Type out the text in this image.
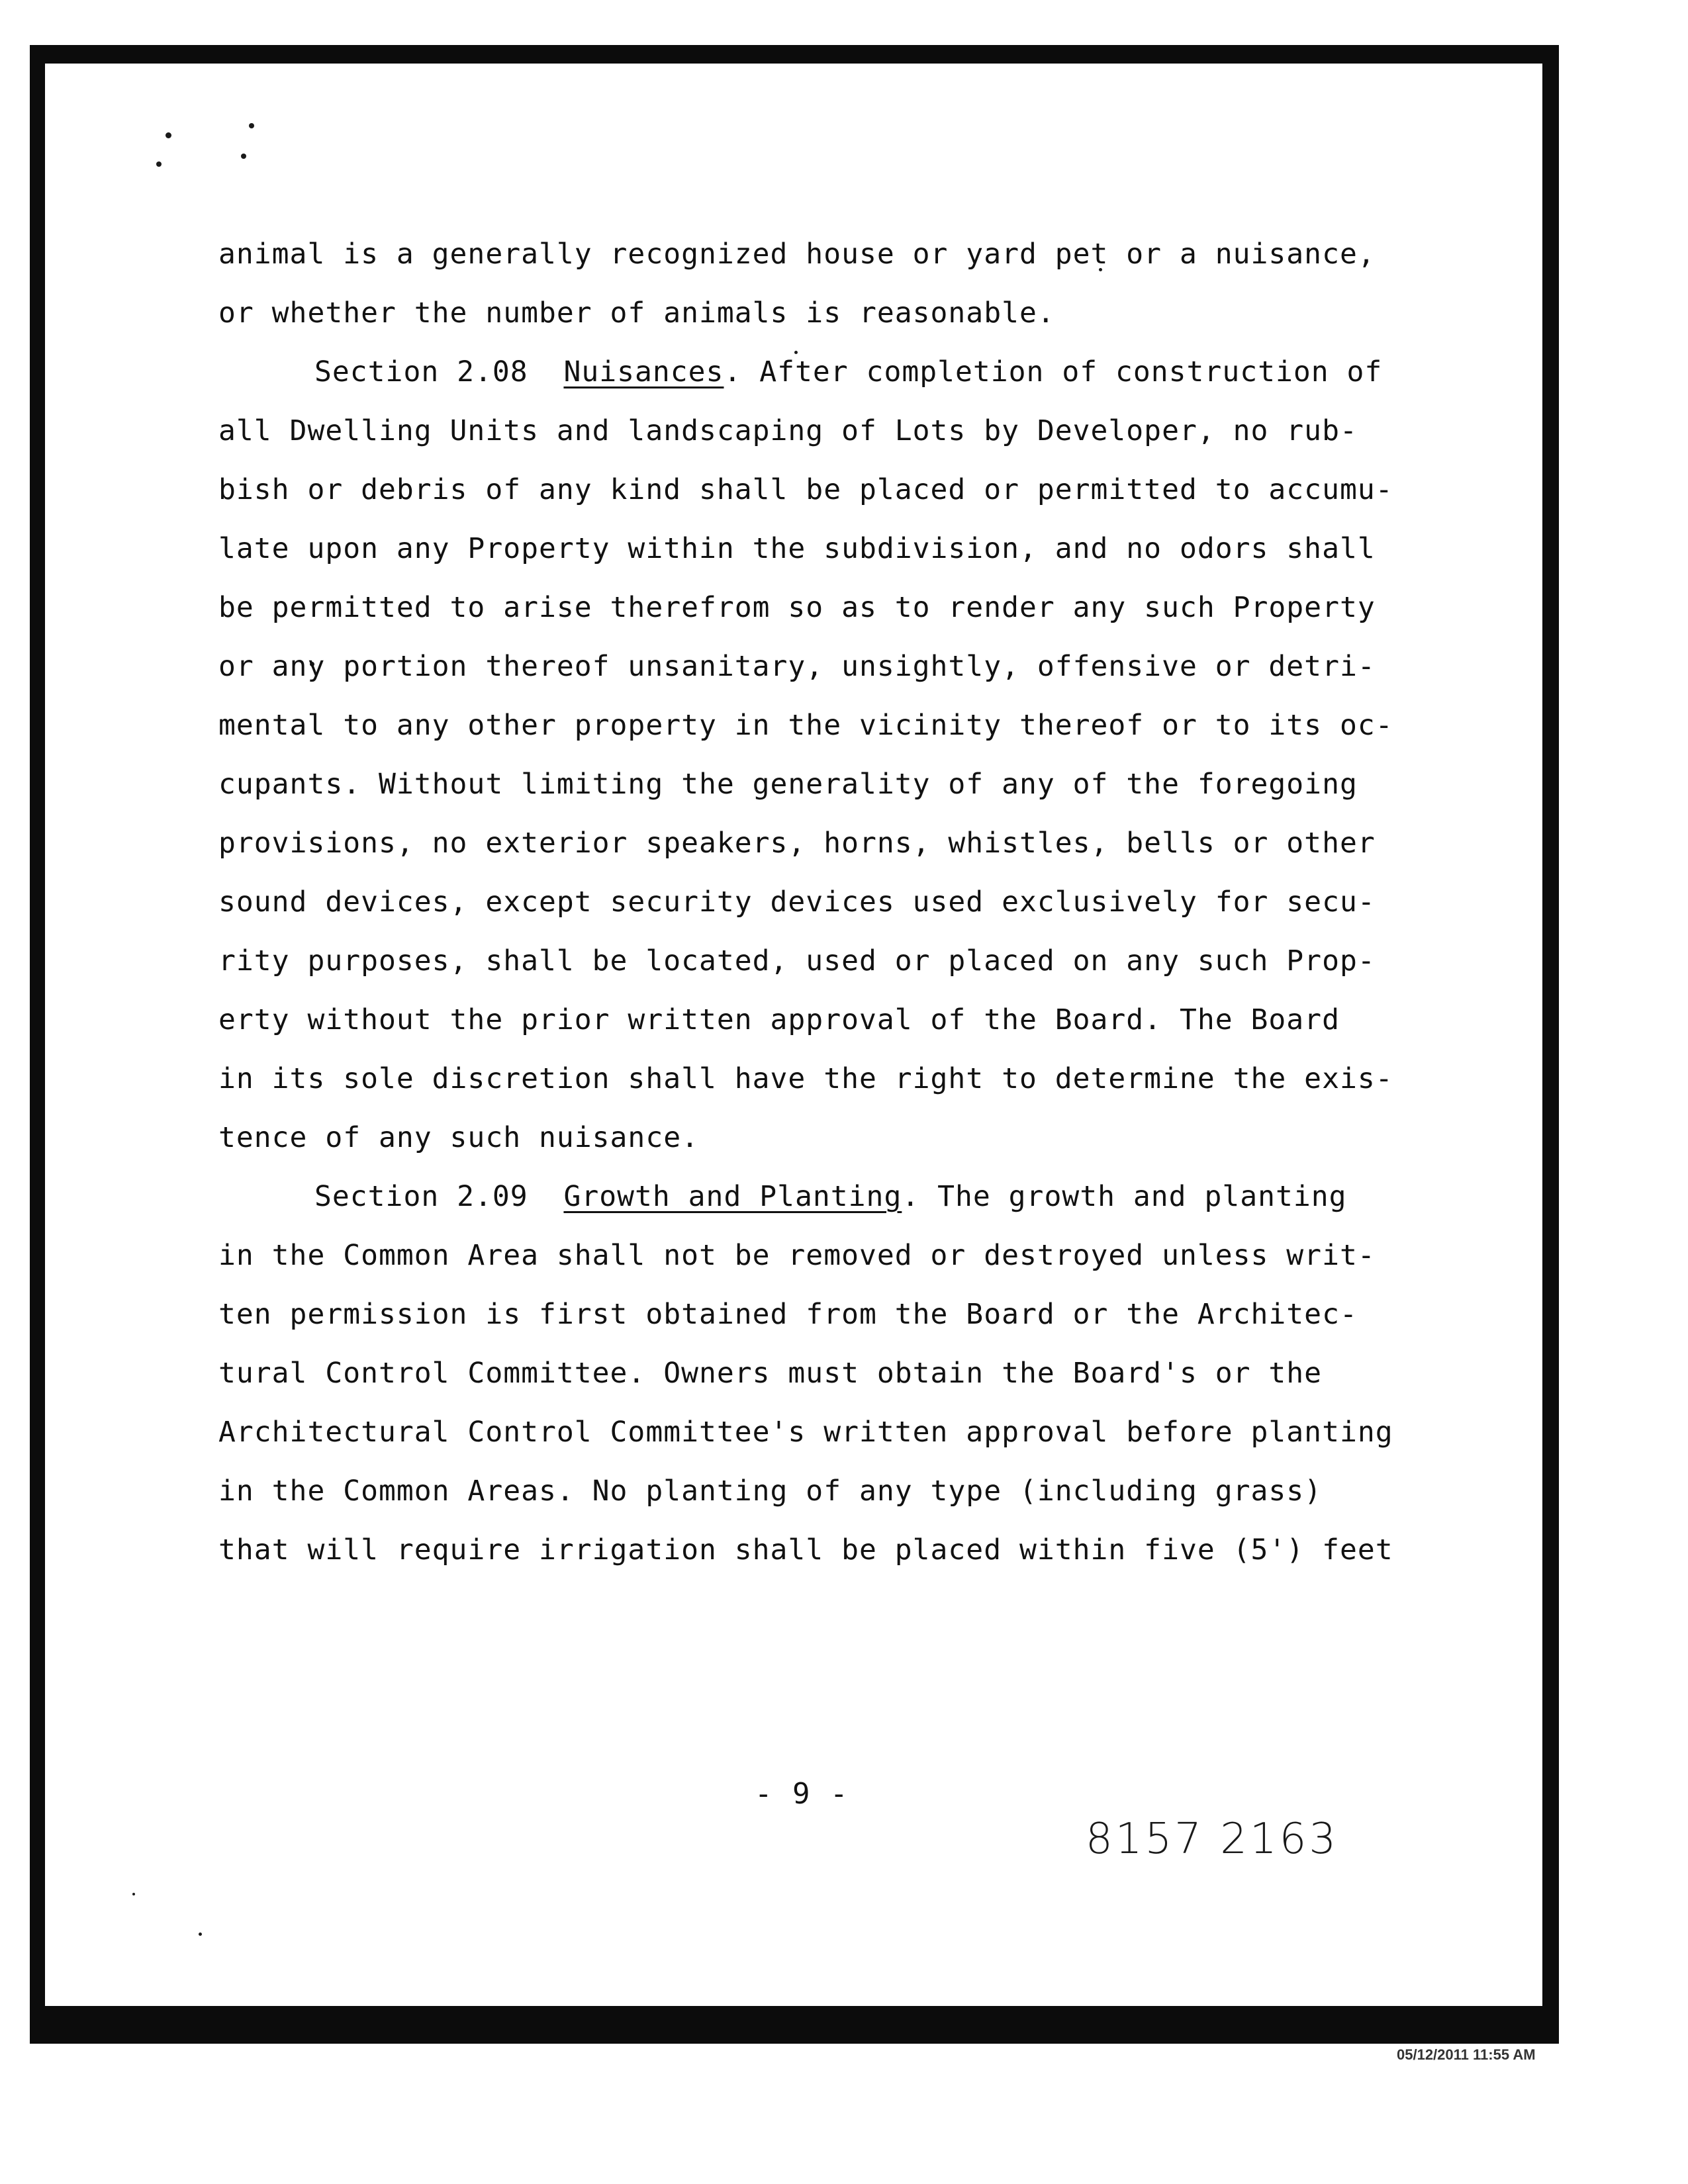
animal is a generally recognized house or yard pet or a nuisance,
or whether the number of animals is reasonable.
Section 2.08 Nuisances. After completion of construction of
all Dwelling Units and landscaping of Lots by Developer, no rub-
bish or debris of any kind shall be placed or permitted to accumu-
late upon any Property within the subdivision, and no odors shall
be permitted to arise therefrom so as to render any such Property
or any portion thereof unsanitary, unsightly, offensive or detri-
mental to any other property in the vicinity thereof or to its oc-
cupants. Without limiting the generality of any of the foregoing
provisions, no exterior speakers, horns, whistles, bells or other
sound devices, except security devices used exclusively for secu-
rity purposes, shall be located, used or placed on any such Prop-
erty without the prior written approval of the Board. The Board
in its sole discretion shall have the right to determine the exis-
tence of any such nuisance.
Section 2.09 Growth and Planting. The growth and planting
in the Common Area shall not be removed or destroyed unless writ-
ten permission is first obtained from the Board or the Architec-
tural Control Committee. Owners must obtain the Board's or the
Architectural Control Committee's written approval before planting
in the Common Areas. No planting of any type (including grass)
that will require irrigation shall be placed within five (5') feet
- 9 -
8157 2163
05/12/2011 11:55 AM
